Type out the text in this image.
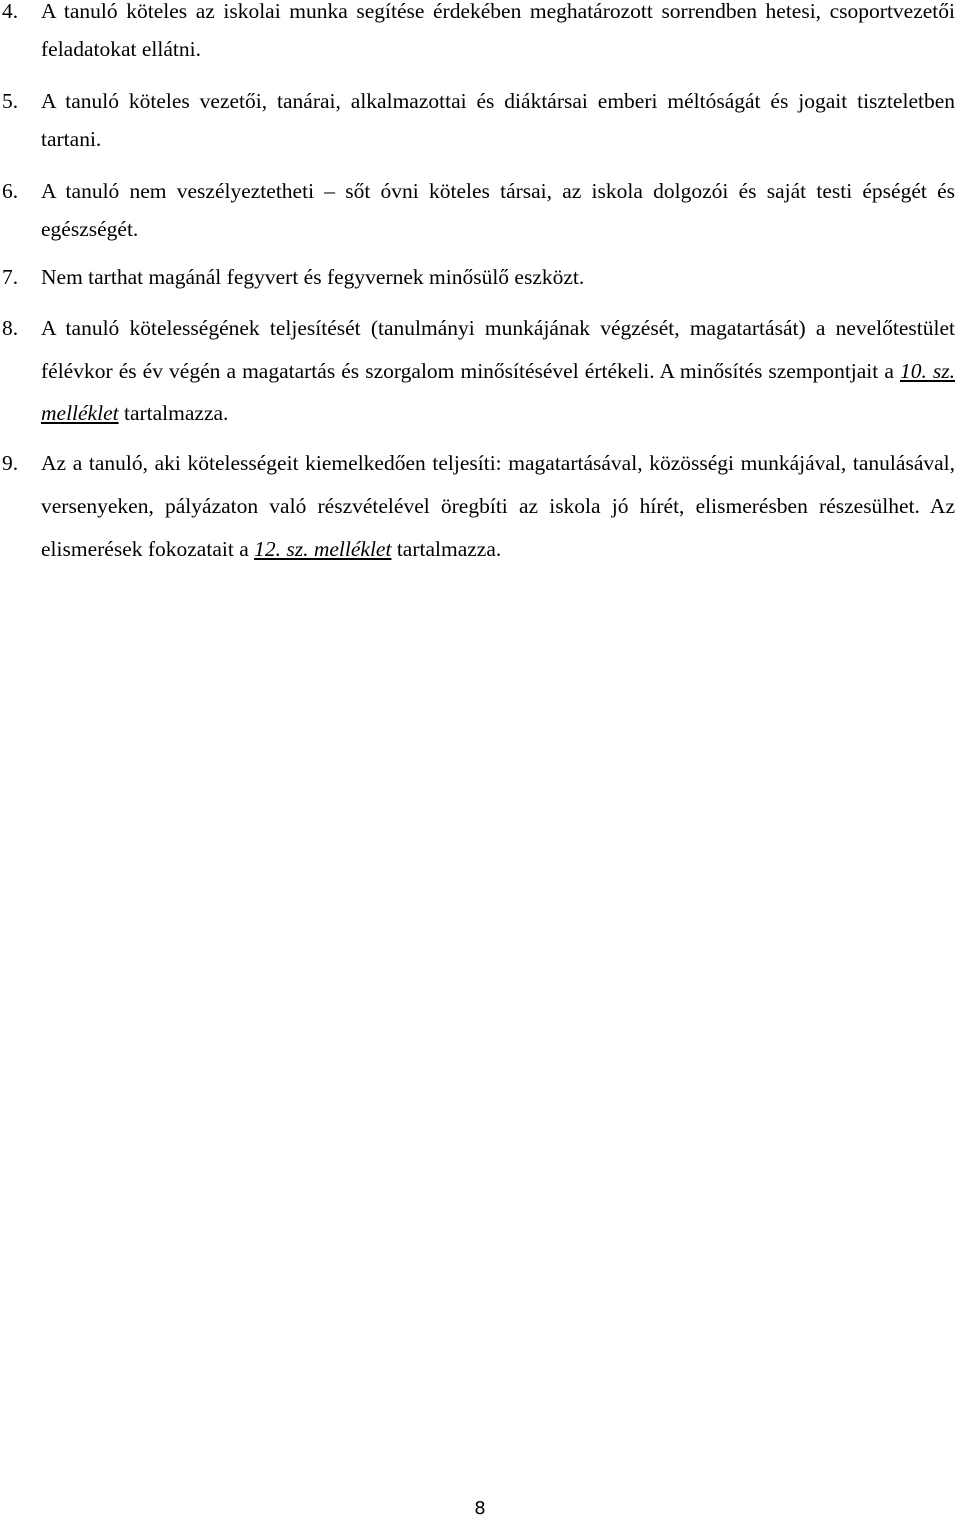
4. A tanuló köteles az iskolai munka segítése érdekében meghatározott sorrendben hetesi, csoportvezetői feladatokat ellátni.
5. A tanuló köteles vezetői, tanárai, alkalmazottai és diáktársai emberi méltóságát és jogait tiszteletben tartani.
6. A tanuló nem veszélyeztetheti – sőt óvni köteles társai, az iskola dolgozói és saját testi épségét és egészségét.
7. Nem tarthat magánál fegyvert és fegyvernek minősülő eszközt.
8. A tanuló kötelességének teljesítését (tanulmányi munkájának végzését, magatartását) a nevelőtestület félévkor és év végén a magatartás és szorgalom minősítésével értékeli. A minősítés szempontjait a 10. sz. melléklet tartalmazza.
9. Az a tanuló, aki kötelességeit kiemelkedően teljesíti: magatartásával, közösségi munkájával, tanulásával, versenyeken, pályázaton való részvételével öregbíti az iskola jó hírét, elismerésben részesülhet. Az elismerések fokozatait a 12. sz. melléklet tartalmazza.
8
